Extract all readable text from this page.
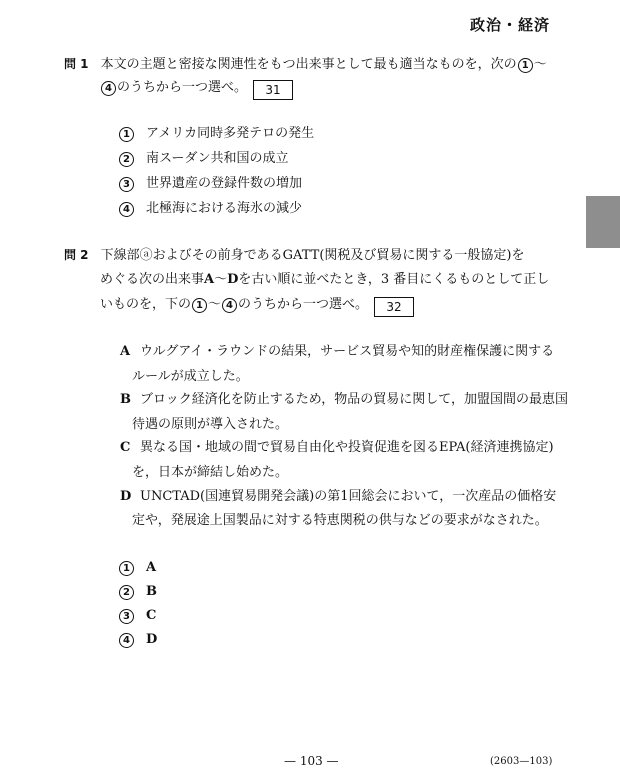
政治・経済
問 1 本文の主題と密接な関連性をもつ出来事として最も適当なものを，次の 1 〜
4 のうちから一つ選べ。 31
1 アメリカ同時多発テロの発生
2 南スーダン共和国の成立
3 世界遺産の登録件数の増加
4 北極海における海氷の減少
問 2 下線部ⓐおよびその前身であるGATT(関税及び貿易に関する一般協定)を
めぐる次の出来事A〜Dを古い順に並べたとき，3 番目にくるものとして正し
いものを，下の 1 〜 4 のうちから一つ選べ。 32
A ウルグアイ・ラウンドの結果，サービス貿易や知的財産権保護に関する
ルールが成立した。
B ブロック経済化を防止するため，物品の貿易に関して，加盟国間の最恵国
待遇の原則が導入された。
C 異なる国・地域の間で貿易自由化や投資促進を図るEPA(経済連携協定)
を，日本が締結し始めた。
D UNCTAD(国連貿易開発会議)の第1回総会において，一次産品の価格安
定や，発展途上国製品に対する特恵関税の供与などの要求がなされた。
1 A
2 B
3 C
4 D
— 103 —	(2603—103)
